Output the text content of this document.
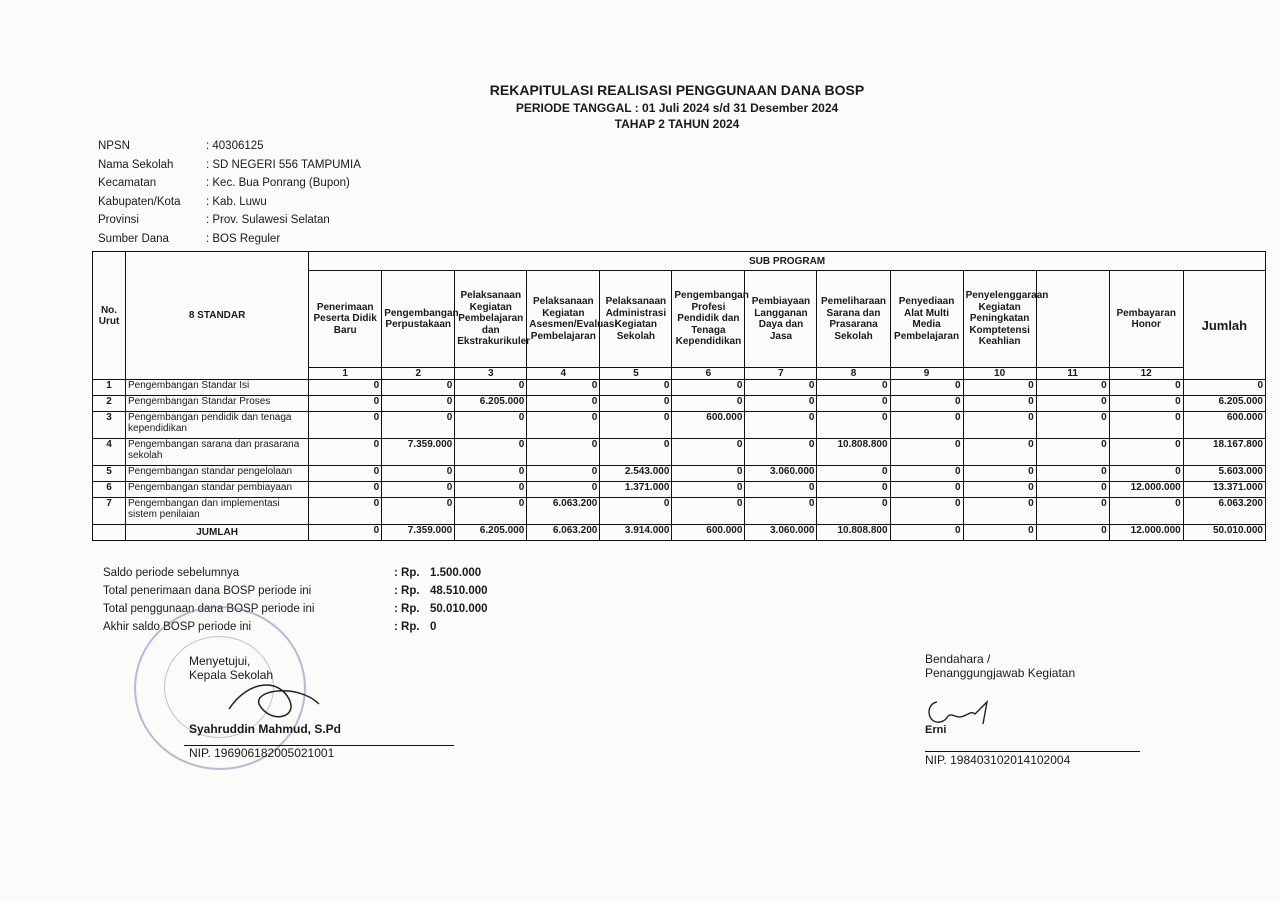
REKAPITULASI REALISASI PENGGUNAAN DANA BOSP
PERIODE TANGGAL : 01 Juli 2024 s/d 31 Desember 2024
TAHAP 2 TAHUN 2024
NPSN	: 40306125
Nama Sekolah	: SD NEGERI 556 TAMPUMIA
Kecamatan	: Kec. Bua Ponrang (Bupon)
Kabupaten/Kota	: Kab. Luwu
Provinsi	: Prov. Sulawesi Selatan
Sumber Dana	: BOS Reguler
No. Urut	8 STANDAR	SUB PROGRAM												
		Penerimaan Peserta Didik Baru	Pengembangan Perpustakaan	Pelaksanaan Kegiatan Pembelajaran dan Ekstrakurikuler	Pelaksanaan Kegiatan Asesmen/Evaluasi Pembelajaran	Pelaksanaan Administrasi Kegiatan Sekolah	Pengembangan Profesi Pendidik dan Tenaga Kependidikan	Pembiayaan Langganan Daya dan Jasa	Pemeliharaan Sarana dan Prasarana Sekolah	Penyediaan Alat Multi Media Pembelajaran	Penyelenggaraan Kegiatan Peningkatan Komptetensi Keahlian		Pembayaran Honor	Jumlah
		1	2	3	4	5	6	7	8	9	10	11	12	
1	Pengembangan Standar Isi	0	0	0	0	0	0	0	0	0	0	0	0	0
2	Pengembangan Standar Proses	0	0	6.205.000	0	0	0	0	0	0	0	0	0	6.205.000
3	Pengembangan pendidik dan tenaga kependidikan	0	0	0	0	0	600.000	0	0	0	0	0	0	600.000
4	Pengembangan sarana dan prasarana sekolah	0	7.359.000	0	0	0	0	0	10.808.800	0	0	0	0	18.167.800
5	Pengembangan standar pengelolaan	0	0	0	0	2.543.000	0	3.060.000	0	0	0	0	0	5.603.000
6	Pengembangan standar pembiayaan	0	0	0	0	1.371.000	0	0	0	0	0	0	12.000.000	13.371.000
7	Pengembangan dan implementasi sistem penilaian	0	0	0	6.063.200	0	0	0	0	0	0	0	0	6.063.200
	JUMLAH	0	7.359.000	6.205.000	6.063.200	3.914.000	600.000	3.060.000	10.808.800	0	0	0	12.000.000	50.010.000
Saldo periode sebelumnya	: Rp. 1.500.000
Total penerimaan dana BOSP periode ini	: Rp. 48.510.000
Total penggunaan dana BOSP periode ini	: Rp. 50.010.000
Akhir saldo BOSP periode ini	: Rp. 0
Menyetujui,
Kepala Sekolah
Syahruddin Mahmud, S.Pd
NIP. 196906182005021001
Bendahara /
Penanggungjawab Kegiatan
Erni
NIP. 198403102014102004
